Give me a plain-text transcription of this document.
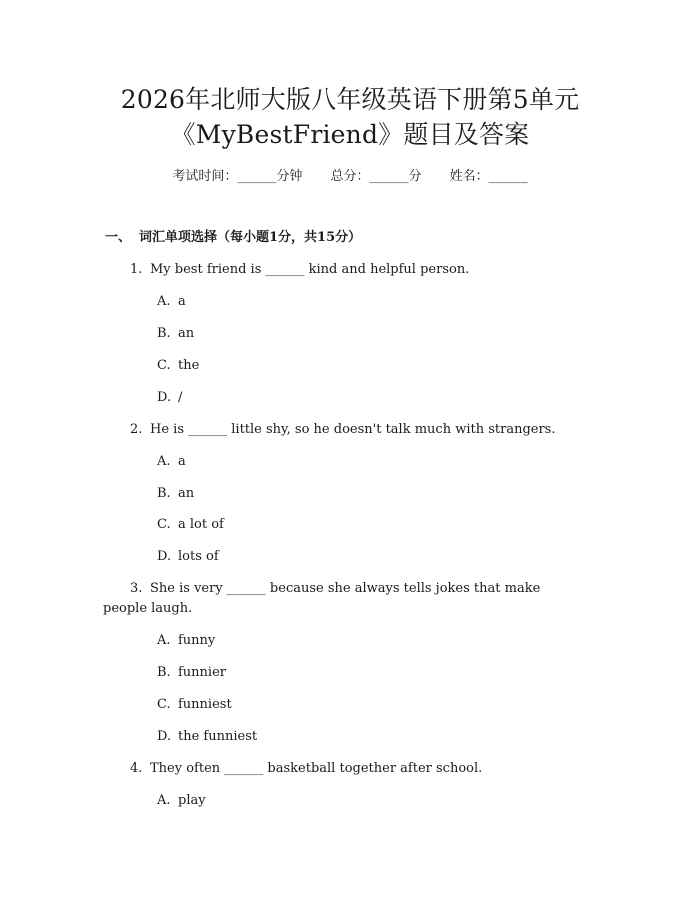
2026年北师大版八年级英语下册第5单元
《MyBestFriend》题目及答案
考试时间：______分钟 总分：______分 姓名：______
一、 词汇单项选择（每小题1分，共15分）
1. My best friend is ______ kind and helpful person.
A. a
B. an
C. the
D. /
2. He is ______ little shy, so he doesn't talk much with strangers.
A. a
B. an
C. a lot of
D. lots of
3. She is very ______ because she always tells jokes that make
people laugh.
A. funny
B. funnier
C. funniest
D. the funniest
4. They often ______ basketball together after school.
A. play
